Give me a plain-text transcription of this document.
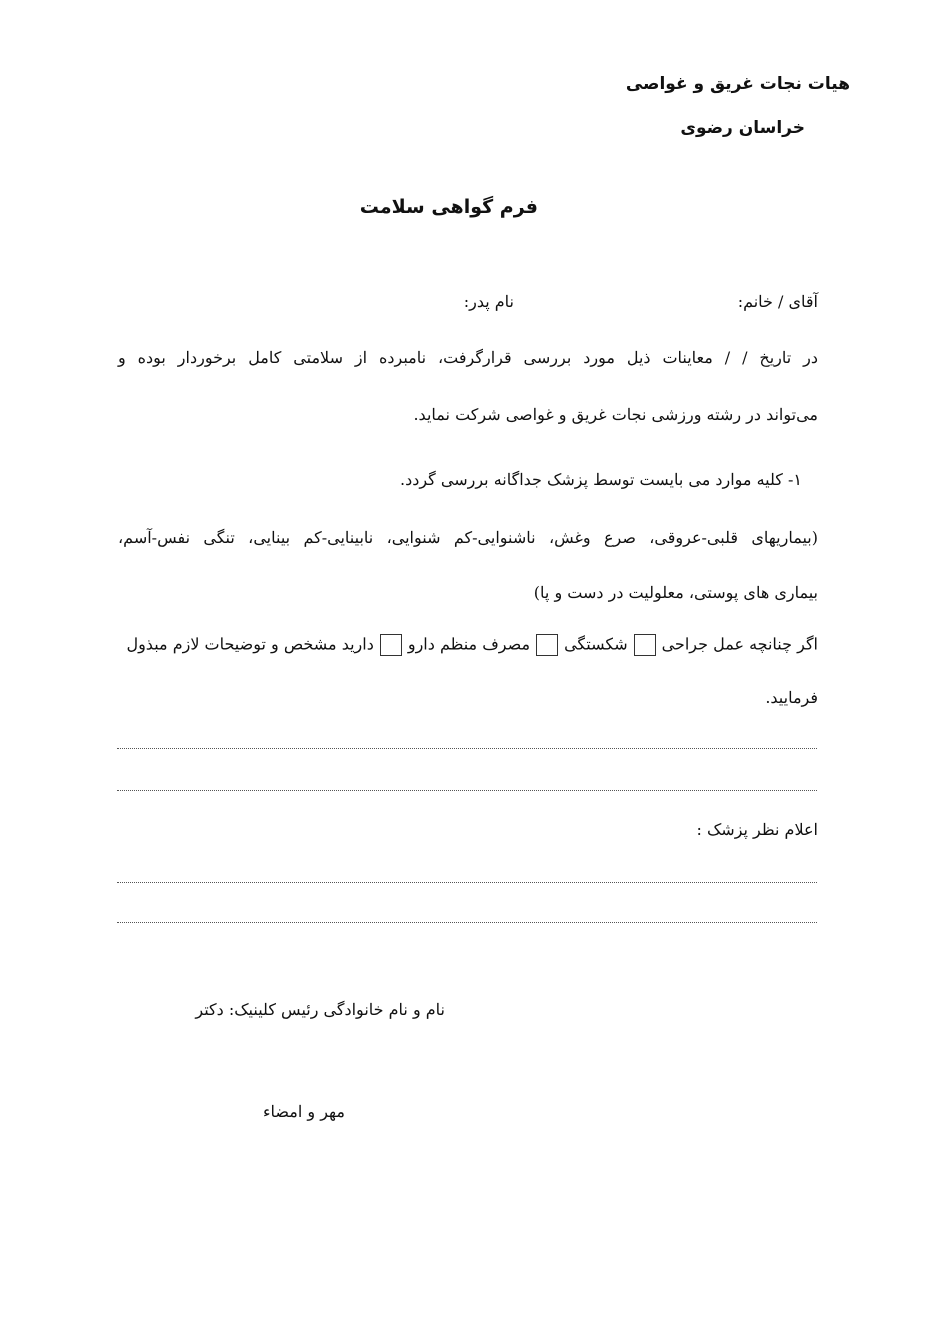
هیات نجات غریق و غواصی
خراسان رضوی
فرم گواهی سلامت
آقای / خانم:
نام پدر:
در تاریخ / / معاینات ذیل مورد بررسی قرارگرفت، نامبرده از سلامتی کامل برخوردار بوده و
می‌تواند در رشته ورزشی نجات غریق و غواصی شرکت نماید.
۱- کلیه موارد می بایست توسط پزشک جداگانه بررسی گردد.
(بیماریهای قلبی-عروقی، صرع وغش، ناشنوایی-کم شنوایی، نابینایی-کم بینایی، تنگی نفس-آسم،
بیماری های پوستی، معلولیت در دست و پا)
اگر چنانچه عمل جراحیشکستگیمصرف منظم دارودارید مشخص و توضیحات لازم مبذول
فرمایید.
اعلام نظر پزشک :
نام و نام خانوادگی رئیس کلینیک: دکتر
مهر و امضاء
